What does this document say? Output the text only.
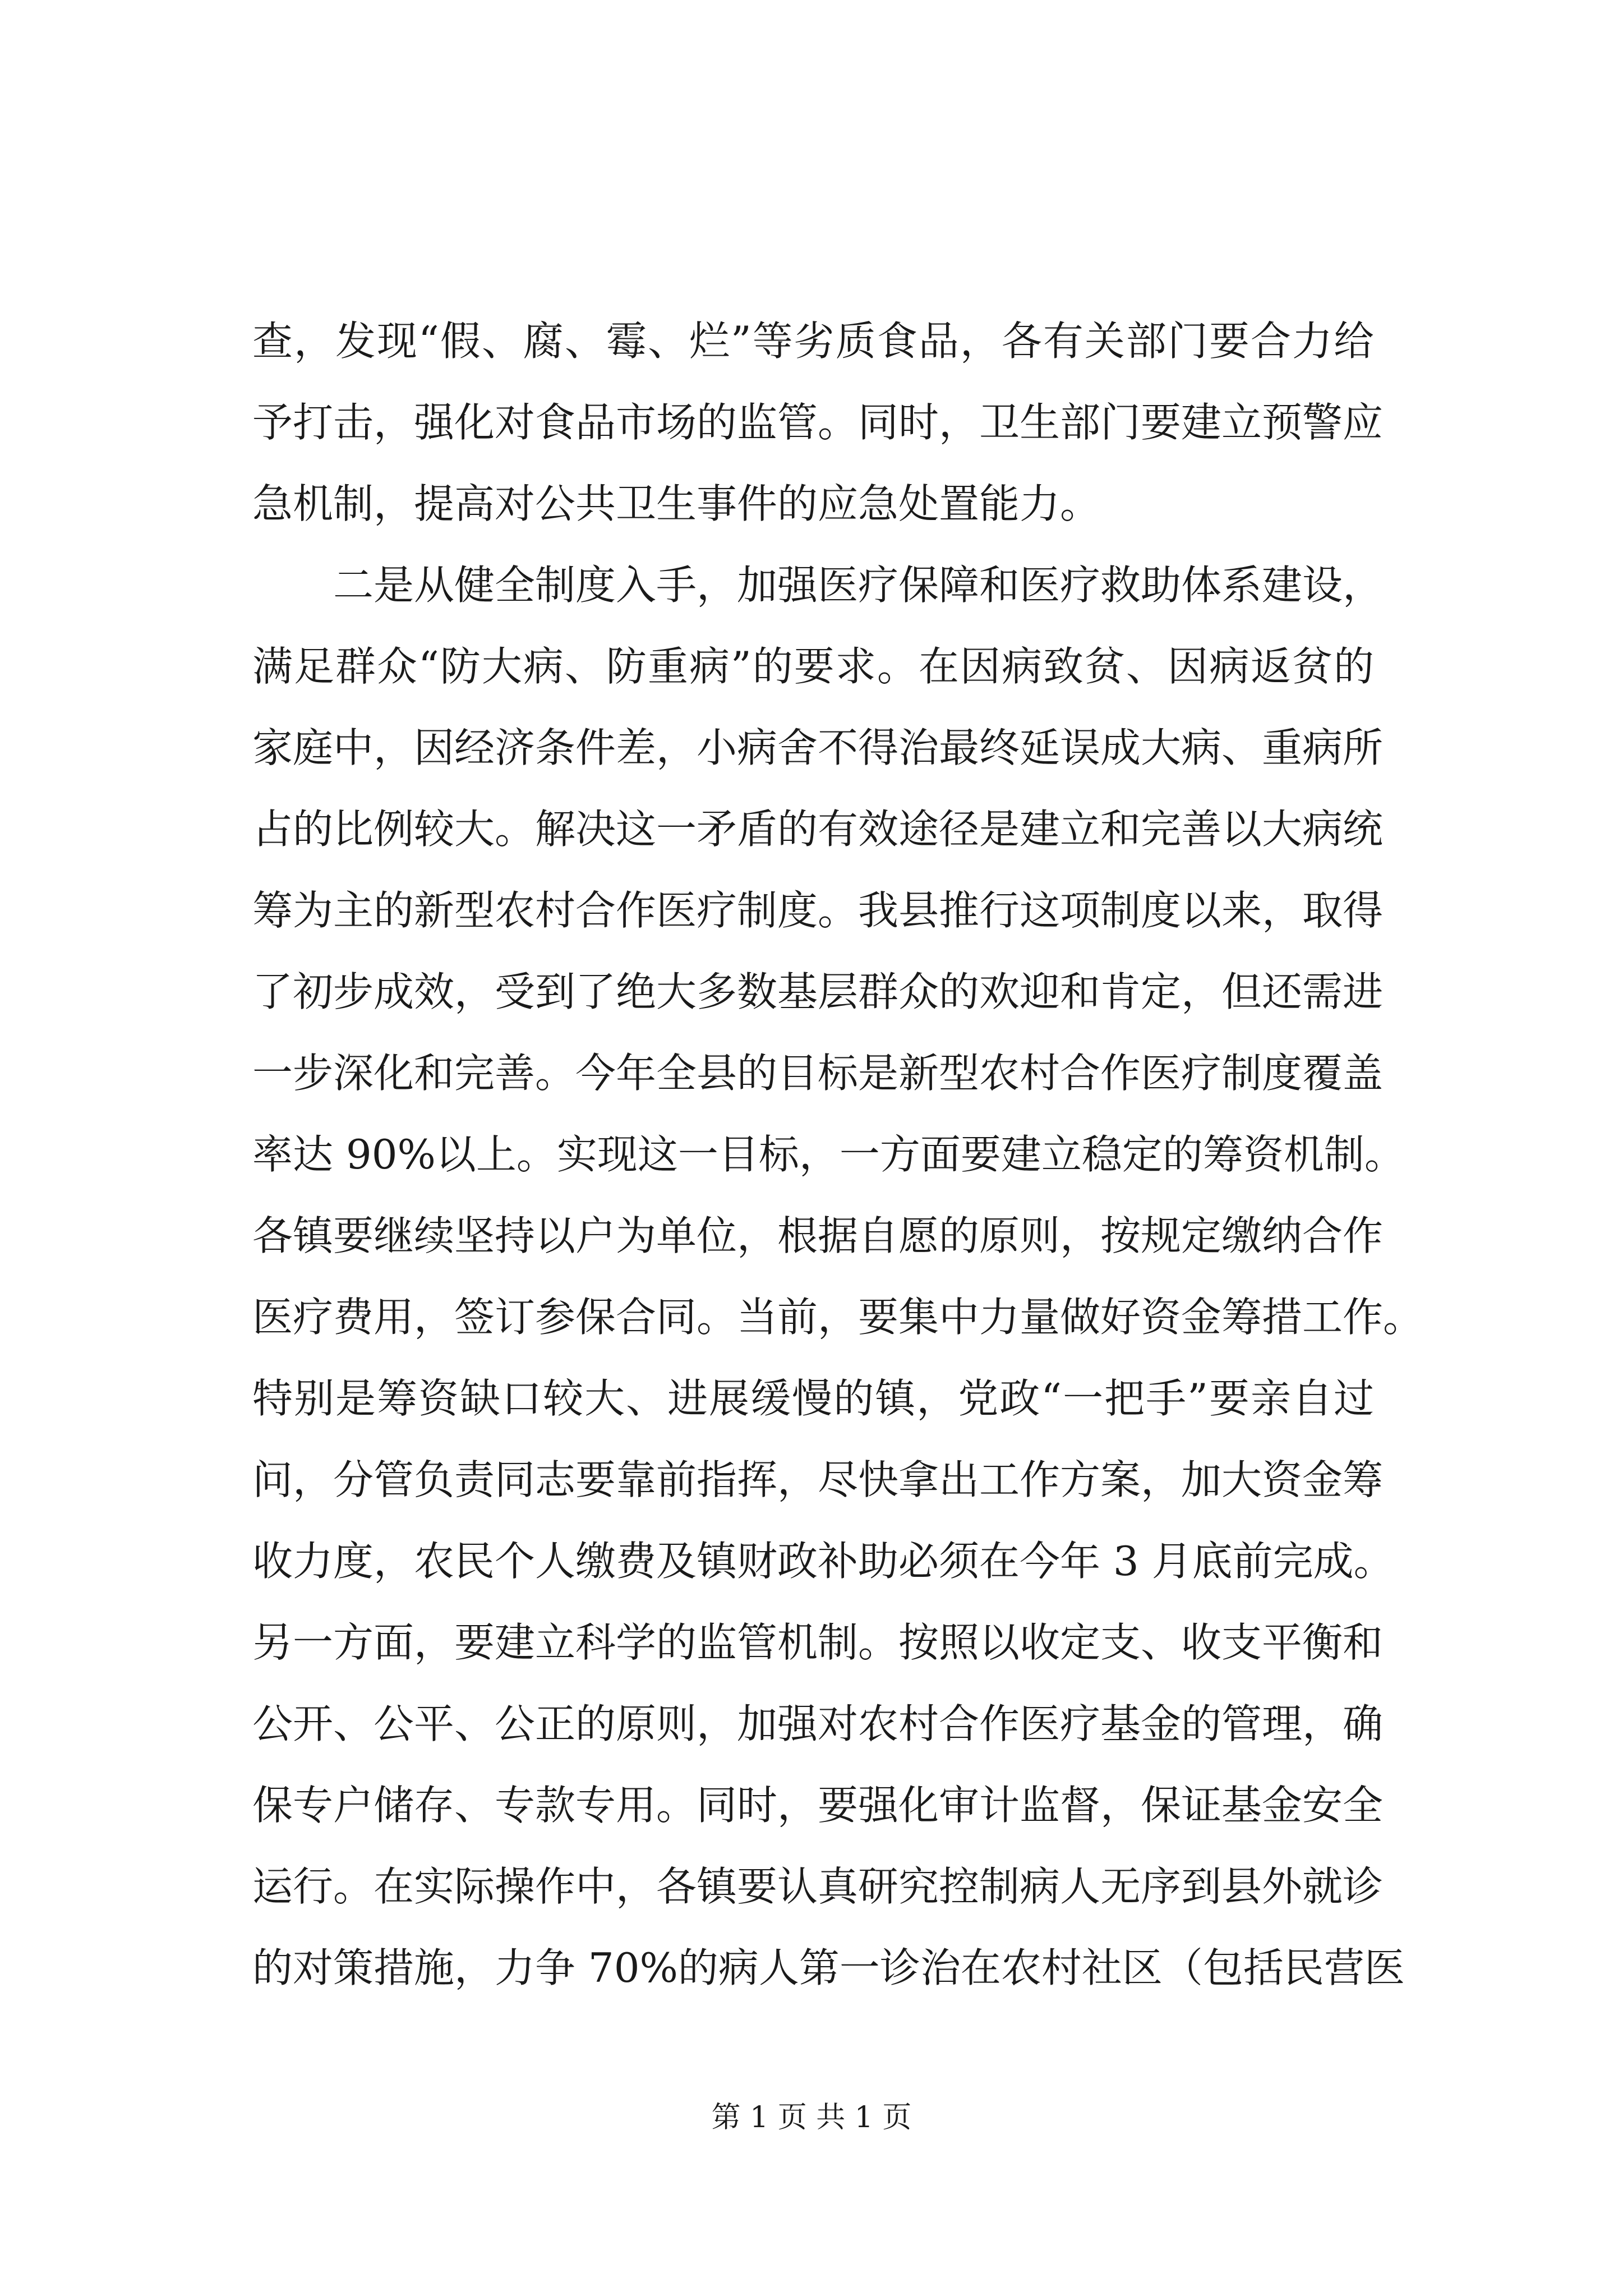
查，发现“假、腐、霉、烂”等劣质食品，各有关部门要合力给
予打击，强化对食品市场的监管。同时，卫生部门要建立预警应
急机制，提高对公共卫生事件的应急处置能力。
　　二是从健全制度入手，加强医疗保障和医疗救助体系建设，
满足群众“防大病、防重病”的要求。在因病致贫、因病返贫的
家庭中，因经济条件差，小病舍不得治最终延误成大病、重病所
占的比例较大。解决这一矛盾的有效途径是建立和完善以大病统
筹为主的新型农村合作医疗制度。我县推行这项制度以来，取得
了初步成效，受到了绝大多数基层群众的欢迎和肯定，但还需进
一步深化和完善。今年全县的目标是新型农村合作医疗制度覆盖
率达 90%以上。实现这一目标，一方面要建立稳定的筹资机制。
各镇要继续坚持以户为单位，根据自愿的原则，按规定缴纳合作
医疗费用，签订参保合同。当前，要集中力量做好资金筹措工作。
特别是筹资缺口较大、进展缓慢的镇，党政“一把手”要亲自过
问，分管负责同志要靠前指挥，尽快拿出工作方案，加大资金筹
收力度，农民个人缴费及镇财政补助必须在今年 3 月底前完成。
另一方面，要建立科学的监管机制。按照以收定支、收支平衡和
公开、公平、公正的原则，加强对农村合作医疗基金的管理，确
保专户储存、专款专用。同时，要强化审计监督，保证基金安全
运行。在实际操作中，各镇要认真研究控制病人无序到县外就诊
的对策措施，力争 70%的病人第一诊治在农村社区（包括民营医
第 1 页 共 1 页
